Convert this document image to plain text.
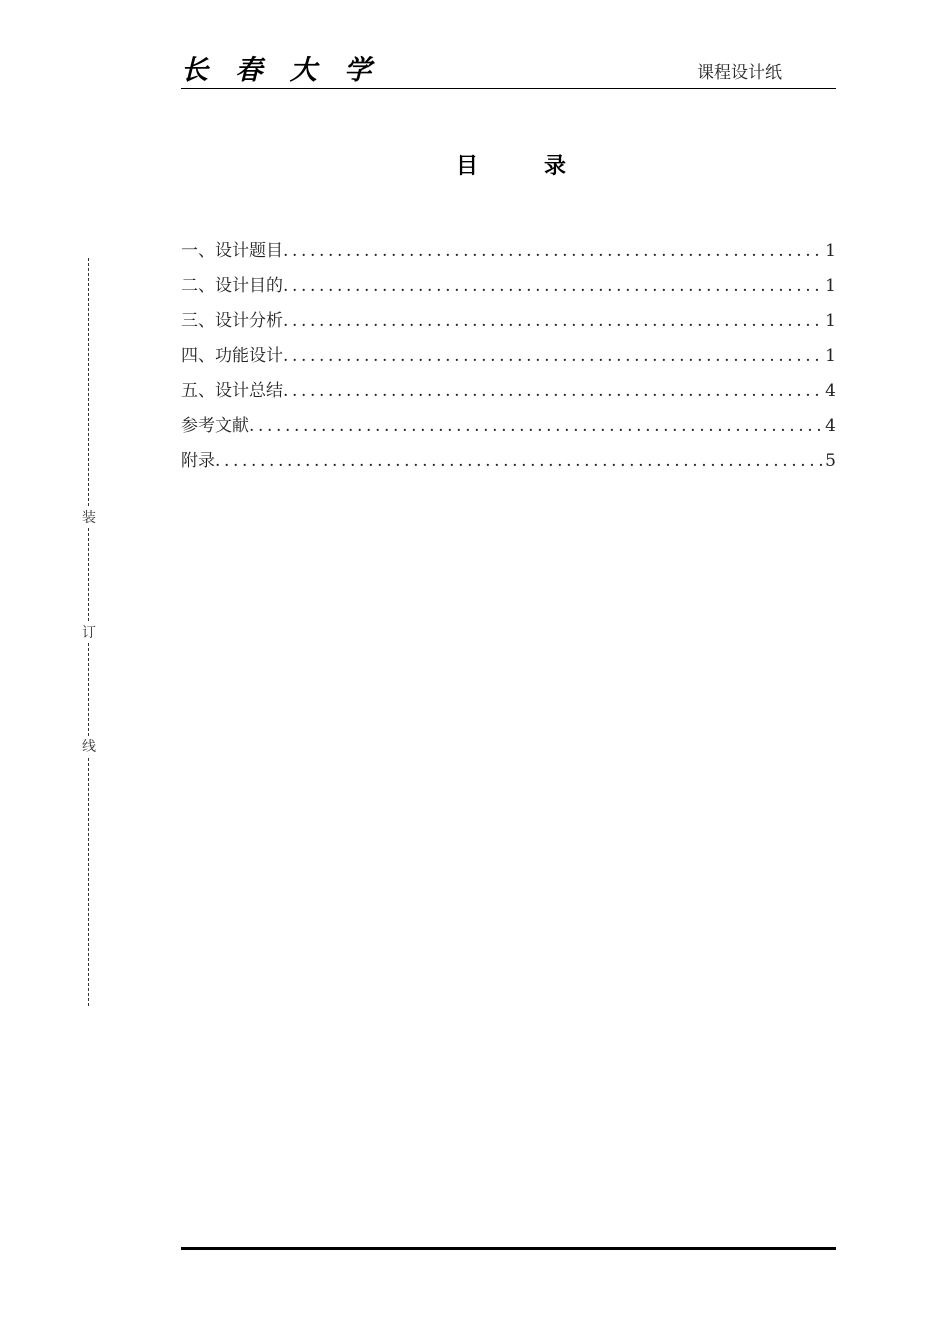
长 春 大 学	课程设计纸
目	录
一、设计题目 .....	1
二、设计目的 .....	1
三、设计分析 .....	1
四、功能设计 .....	1
五、设计总结 .....	4
参考文献 .....	4
附录 .....	5
装
订
线
